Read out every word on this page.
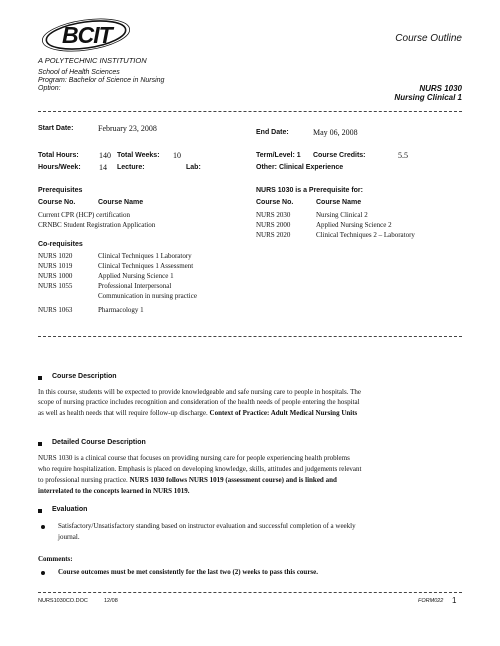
BCIT
A POLYTECHNIC INSTITUTION
Course Outline
School of Health Sciences
Program: Bachelor of Science in Nursing
Option:	NURS 1030
Nursing Clinical 1
Start Date:	February 23, 2008	End Date:	May 06, 2008
Total Hours:	140 Total Weeks: 10
Hours/Week: 14 Lecture:	Lab:
Term/Level: 1 Course Credits:	5.5
Other: Clinical Experience
Prerequisites
Course No.	Course Name
Current CPR (HCP) certification
CRNBC Student Registration Application
NURS 1030 is a Prerequisite for:
Course No.	Course Name
NURS 2030	Nursing Clinical 2
NURS 2000	Applied Nursing Science 2
NURS 2020	Clinical Techniques 2 – Laboratory
Co-requisites
NURS 1020	Clinical Techniques 1 Laboratory
NURS 1019	Clinical Techniques 1 Assessment
NURS 1000	Applied Nursing Science 1
NURS 1055	Professional Interpersonal
Communication in nursing practice
NURS 1063	Pharmacology 1
Course Description
In this course, students will be expected to provide knowledgeable and safe nursing care to people in hospitals. The
scope of nursing practice includes recognition and consideration of the health needs of people entering the hospital
as well as health needs that will require follow-up discharge. Context of Practice: Adult Medical Nursing Units
Detailed Course Description
NURS 1030 is a clinical course that focuses on providing nursing care for people experiencing health problems
who require hospitalization. Emphasis is placed on developing knowledge, skills, attitudes and judgements relevant
to professional nursing practice. NURS 1030 follows NURS 1019 (assessment course) and is linked and
interrelated to the concepts learned in NURS 1019.
Evaluation
Satisfactory/Unsatisfactory standing based on instructor evaluation and successful completion of a weekly
journal.
Comments:
Course outcomes must be met consistently for the last two (2) weeks to pass this course.
NURS1030CO.DOC	12/08	FORM022 1
